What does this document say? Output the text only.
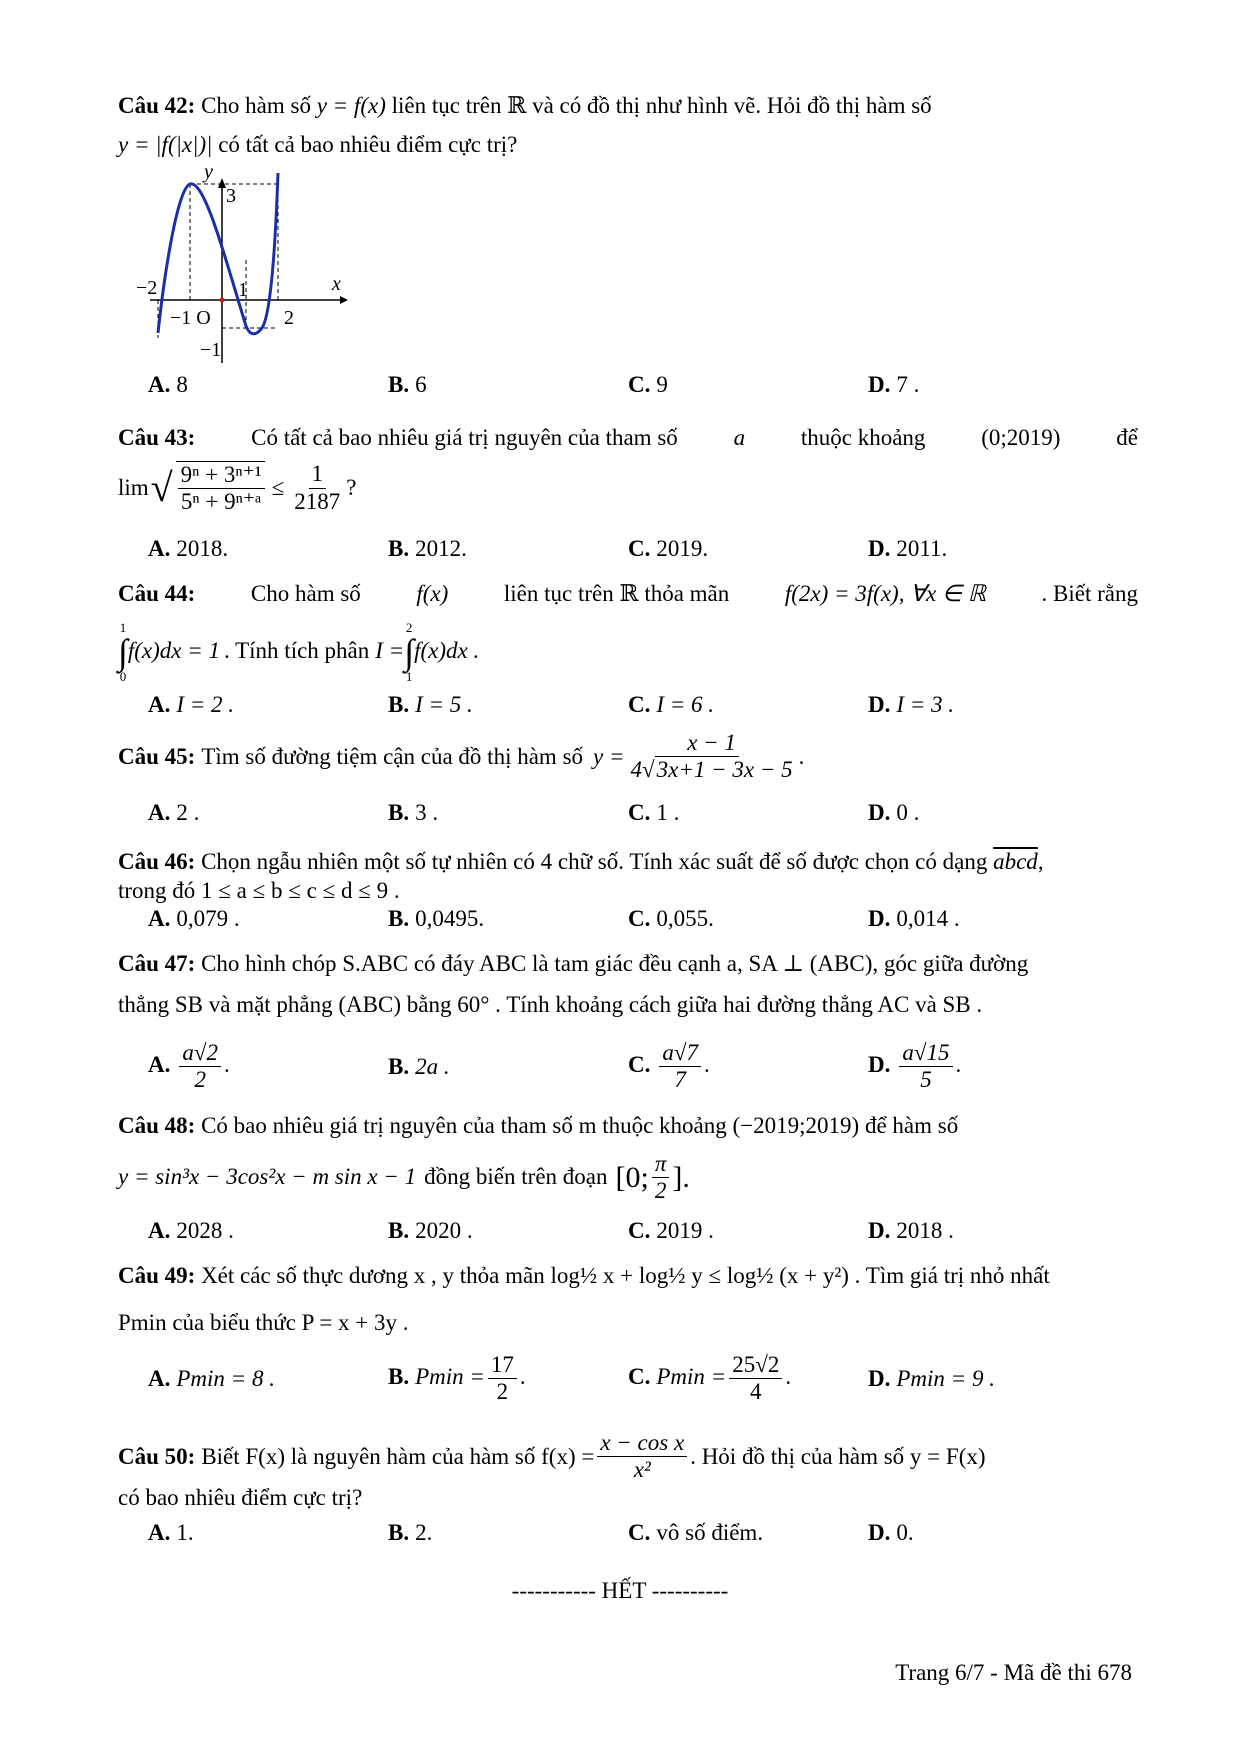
Câu 42: Cho hàm số y = f(x) liên tục trên ℝ và có đồ thị như hình vẽ. Hỏi đồ thị hàm số
y = |f(|x|)| có tất cả bao nhiêu điểm cực trị?
y
x
3
−2	1
−1 O	2
−1
A. 8	B. 6	C. 9	D. 7 .
Câu 43: Có tất cả bao nhiêu giá trị nguyên của tham số a thuộc khoảng (0;2019) để
lim √ $\frac{\text{9ⁿ + 3ⁿ⁺¹}}{\text{5ⁿ + 9ⁿ⁺ᵃ}} \le \frac{1}{2187}$ ?
A. 2018.	B. 2012.	C. 2019.	D. 2011.
Câu 44: Cho hàm số f(x) liên tục trên ℝ thỏa mãn f(2x) = 3f(x), ∀x ∈ ℝ . Biết rằng
1
∫
0
f(x)dx = 1 . Tính tích phân I =
2
∫
1
f(x)dx .
A. I = 2 .	B. I = 5 .	C. I = 6 .	D. I = 3 .
Câu 45: Tìm số đường tiệm cận của đồ thị hàm số $y = \frac{x - 1}{4√3x+1 - 3x - 5}$ .
A. 2 .	B. 3 .	C. 1 .	D. 0 .
Câu 46: Chọn ngẫu nhiên một số tự nhiên có 4 chữ số. Tính xác suất để số được chọn có dạng abcd,
trong đó 1 ≤ a ≤ b ≤ c ≤ d ≤ 9 .
A. 0,079 .	B. 0,0495.	C. 0,055.	D. 0,014 .
Câu 47: Cho hình chóp S.ABC có đáy ABC là tam giác đều cạnh a, SA ⊥ (ABC), góc giữa đường
thẳng SB và mặt phẳng (ABC) bằng 60° . Tính khoảng cách giữa hai đường thẳng AC và SB .
A. $\frac{a√2}{2}$ .	B. 2a .	C. $\frac{a√7}{7}$ .	D. $\frac{a√15}{5}$ .
Câu 48: Có bao nhiêu giá trị nguyên của tham số m thuộc khoảng (−2019;2019) để hàm số
y = sin³x − 3cos²x − m sin x − 1 đồng biến trên đoạn [0; $\frac{\pi}{2}$ ].
A. 2028 .	B. 2020 .	C. 2019 .	D. 2018 .
Câu 49: Xét các số thực dương x , y thỏa mãn log½ x + log½ y ≤ log½ (x + y²) . Tìm giá trị nhỏ nhất
Pmin của biểu thức P = x + 3y .
A. Pmin = 8 .	B. $Pmin = \frac{17}{2}$ .	C. $Pmin = \frac{25√2}{4}$ .	D. Pmin = 9 .
Câu 50: Biết F(x) là nguyên hàm của hàm số $f(x) = \frac{\text{x − cos x}}{\text{x²}}$ . Hỏi đồ thị của hàm số y = F(x)
có bao nhiêu điểm cực trị?
A. 1.	B. 2.	C. vô số điểm.	D. 0.
----------- HẾT ----------
Trang 6/7 - Mã đề thi 678
